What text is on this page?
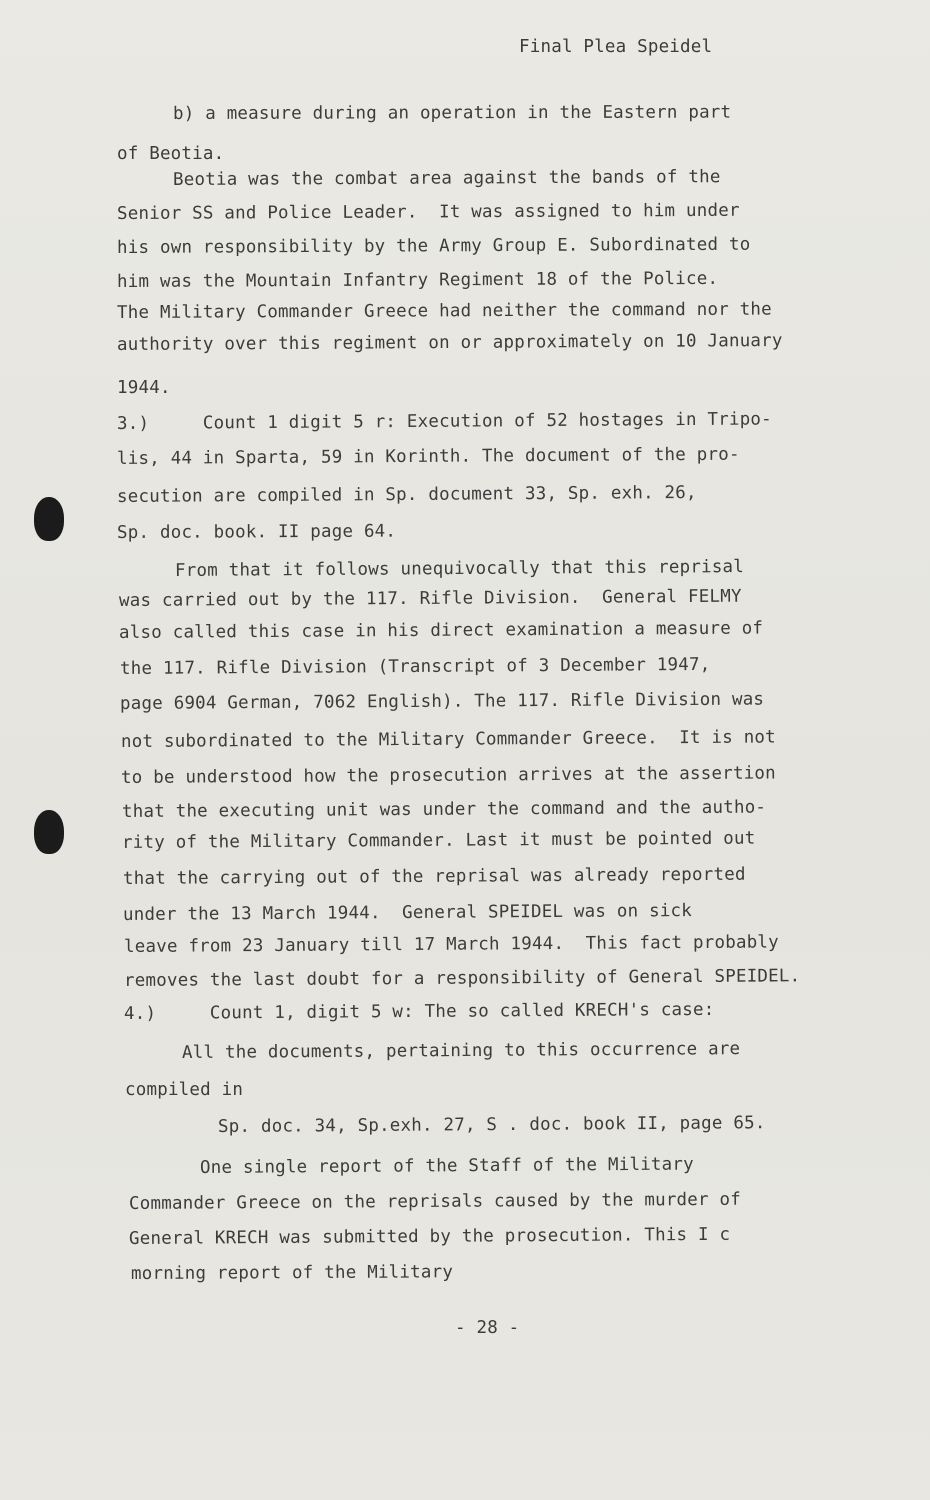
Final Plea Speidel
b) a measure during an operation in the Eastern part
of Beotia.
Beotia was the combat area against the bands of the
Senior SS and Police Leader.  It was assigned to him under
his own responsibility by the Army Group E. Subordinated to
him was the Mountain Infantry Regiment 18 of the Police.
The Military Commander Greece had neither the command nor the
authority over this regiment on or approximately on 10 January
1944.
3.)     Count 1 digit 5 r: Execution of 52 hostages in Tripo-
lis, 44 in Sparta, 59 in Korinth. The document of the pro-
secution are compiled in Sp. document 33, Sp. exh. 26,
Sp. doc. book. II page 64.
From that it follows unequivocally that this reprisal
was carried out by the 117. Rifle Division.  General FELMY
also called this case in his direct examination a measure of
the 117. Rifle Division (Transcript of 3 December 1947,
page 6904 German, 7062 English). The 117. Rifle Division was
not subordinated to the Military Commander Greece.  It is not
to be understood how the prosecution arrives at the assertion
that the executing unit was under the command and the autho-
rity of the Military Commander. Last it must be pointed out
that the carrying out of the reprisal was already reported
under the 13 March 1944.  General SPEIDEL was on sick
leave from 23 January till 17 March 1944.  This fact probably
removes the last doubt for a responsibility of General SPEIDEL.
4.)     Count 1, digit 5 w: The so called KRECH's case:
All the documents, pertaining to this occurrence are
compiled in
Sp. doc. 34, Sp.exh. 27, S . doc. book II, page 65.
One single report of the Staff of the Military
Commander Greece on the reprisals caused by the murder of
General KRECH was submitted by the prosecution. This I c
morning report of the Military
- 28 -
